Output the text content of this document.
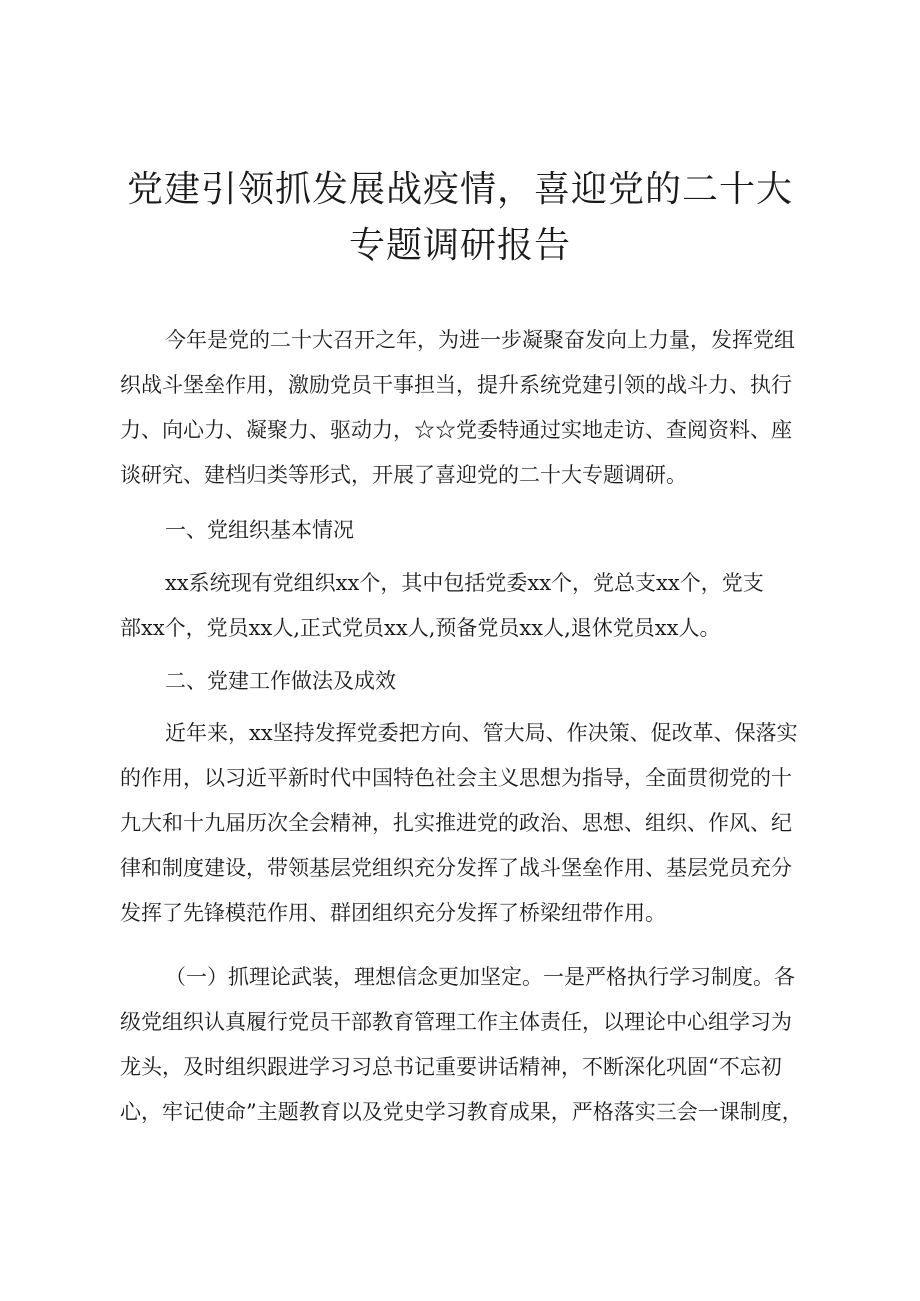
党建引领抓发展战疫情，喜迎党的二十大
专题调研报告
今年是党的二十大召开之年，为进一步凝聚奋发向上力量，发挥党组
织战斗堡垒作用，激励党员干事担当，提升系统党建引领的战斗力、执行
力、向心力、凝聚力、驱动力，☆☆党委特通过实地走访、查阅资料、座
谈研究、建档归类等形式，开展了喜迎党的二十大专题调研。
一、党组织基本情况
xx系统现有党组织xx个，其中包括党委xx个，党总支xx个，党支
部xx个，党员xx人,正式党员xx人,预备党员xx人,退休党员xx人。
二、党建工作做法及成效
近年来，xx坚持发挥党委把方向、管大局、作决策、促改革、保落实
的作用，以习近平新时代中国特色社会主义思想为指导，全面贯彻党的十
九大和十九届历次全会精神，扎实推进党的政治、思想、组织、作风、纪
律和制度建设，带领基层党组织充分发挥了战斗堡垒作用、基层党员充分
发挥了先锋模范作用、群团组织充分发挥了桥梁纽带作用。
（一）抓理论武装，理想信念更加坚定。一是严格执行学习制度。各
级党组织认真履行党员干部教育管理工作主体责任，以理论中心组学习为
龙头，及时组织跟进学习习总书记重要讲话精神，不断深化巩固“不忘初
心，牢记使命”主题教育以及党史学习教育成果，严格落实三会一课制度，
